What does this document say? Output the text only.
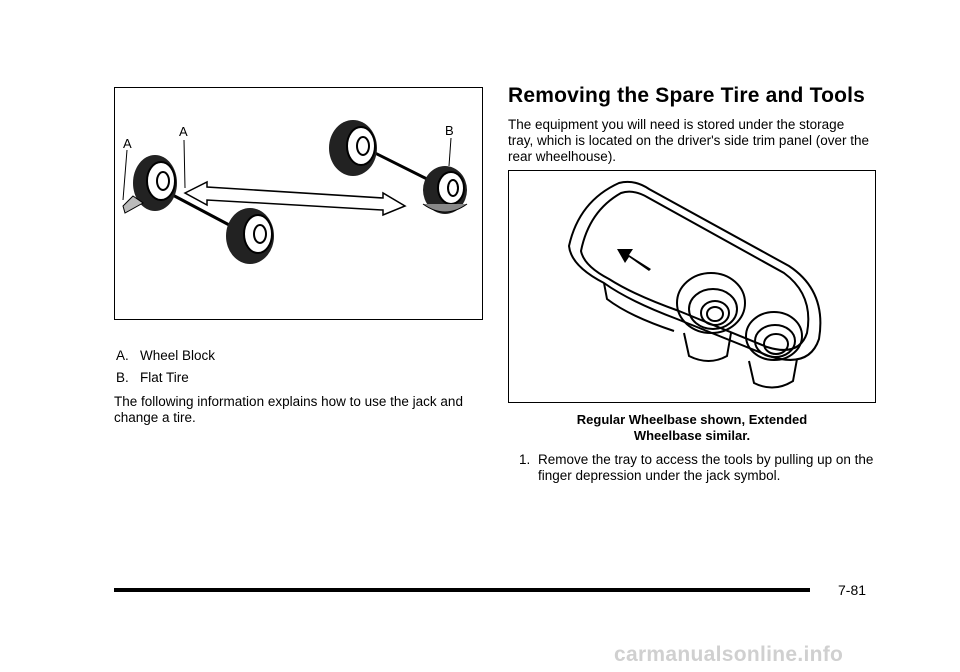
A
A	B
A. Wheel Block
B. Flat Tire
The following information explains how to use the jack and change a tire.
Removing the Spare Tire and Tools
The equipment you will need is stored under the storage tray, which is located on the driver's side trim panel (over the rear wheelhouse).
Regular Wheelbase shown, Extended
Wheelbase similar.
1. Remove the tray to access the tools by pulling up on the finger depression under the jack symbol.
7-81
carmanualsonline.info
